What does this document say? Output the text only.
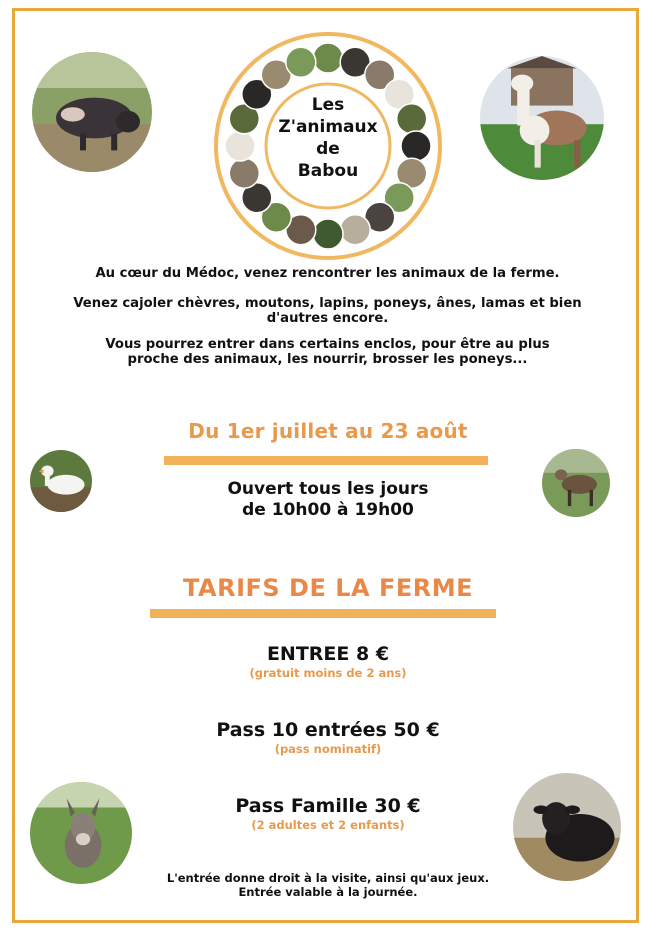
Les
Z'animaux
de
Babou
Au cœur du Médoc, venez rencontrer les animaux de la ferme.
Venez cajoler chèvres, moutons, lapins, poneys, ânes, lamas et bien d'autres encore.
Vous pourrez entrer dans certains enclos, pour être au plus proche des animaux, les nourrir, brosser les poneys...
Du 1er juillet au 23 août
Ouvert tous les jours
de 10h00 à 19h00
TARIFS DE LA FERME
ENTREE 8 €
(gratuit moins de 2 ans)
Pass 10 entrées 50 €
(pass nominatif)
Pass Famille 30 €
(2 adultes et 2 enfants)
L'entrée donne droit à la visite, ainsi qu'aux jeux.
Entrée valable à la journée.
